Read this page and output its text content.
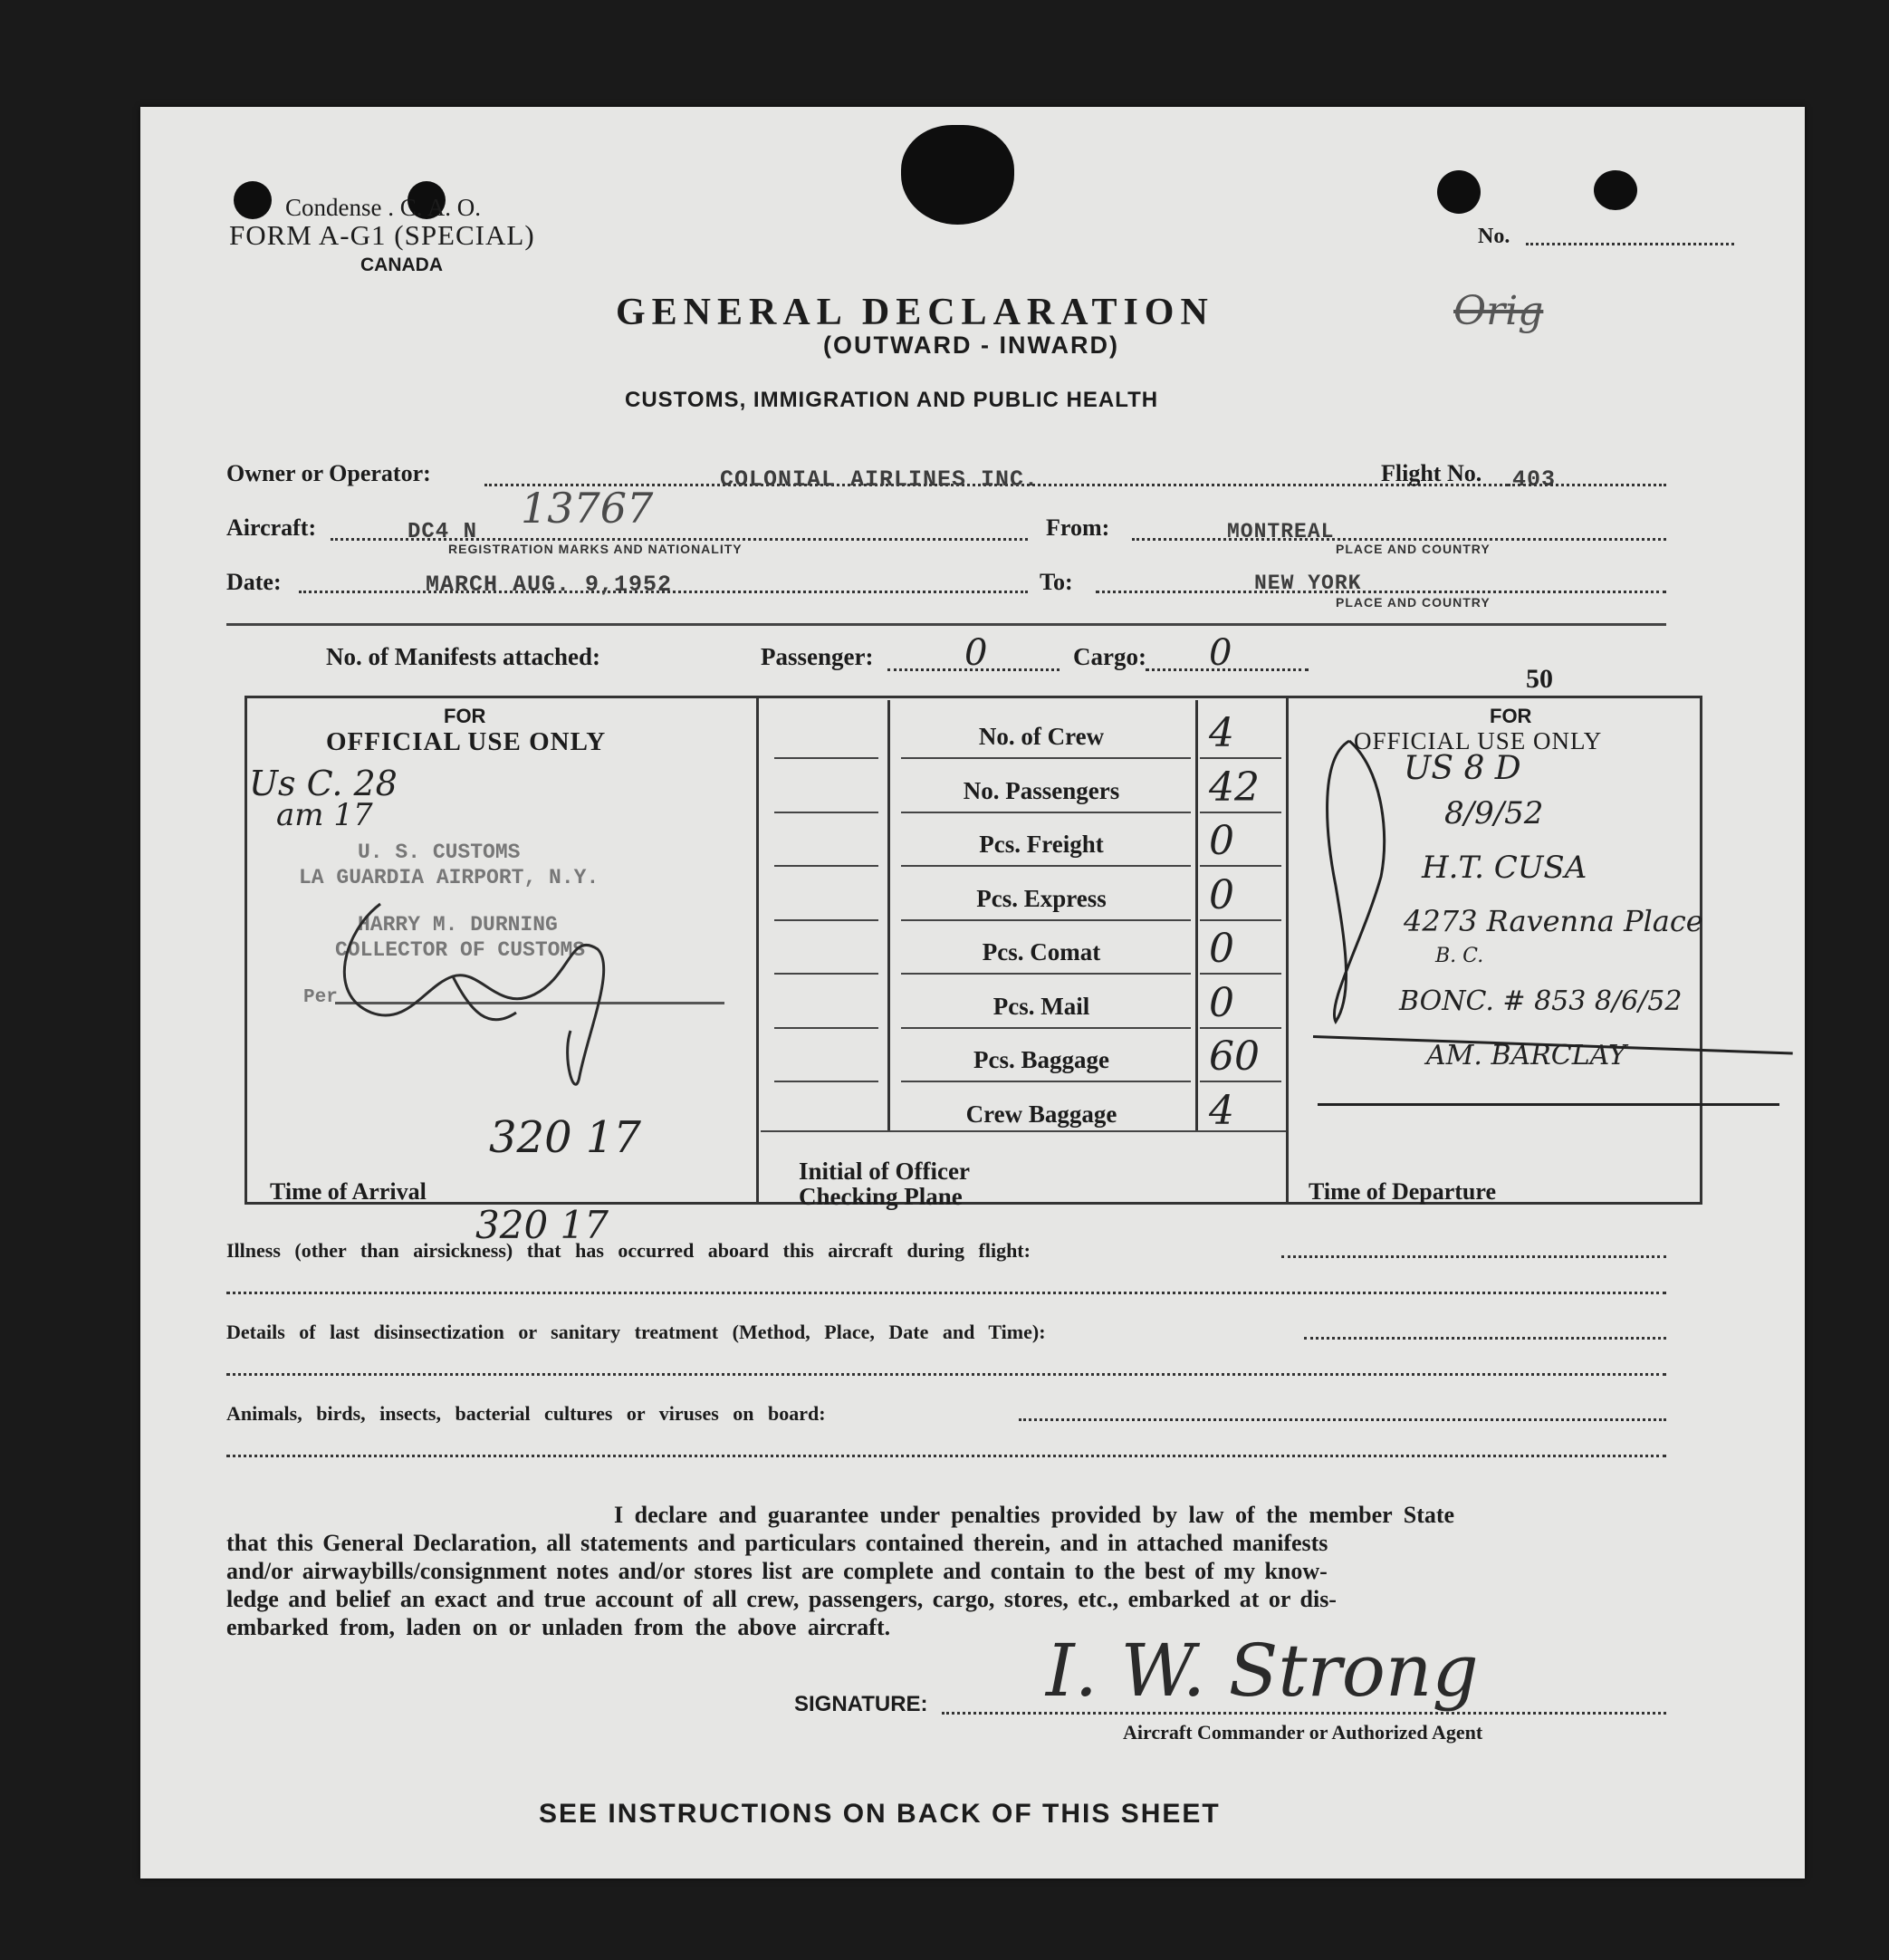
Condense . C. A. O.
FORM A-G1 (SPECIAL)
CANADA
No.
GENERAL DECLARATION
(OUTWARD - INWARD)
CUSTOMS, IMMIGRATION AND PUBLIC HEALTH
Orig
Owner or Operator:	COLONIAL AIRLINES INC.	Flight No. 403
Aircraft:	DC4 N 13767
REGISTRATION MARKS AND NATIONALITY
From:	MONTREAL
PLACE AND COUNTRY
Date:	MARCH AUG. 9,1952	To:	NEW YORK
PLACE AND COUNTRY
No. of Manifests attached:	Passenger:	0	Cargo: 0
50
FOR
OFFICIAL USE ONLY
Us C. 28
am 17
U. S. CUSTOMS
LA GUARDIA AIRPORT, N.Y.
HARRY M. DURNING
COLLECTOR OF CUSTOMS
Per
Time of Arrival
320 17
320 17
Initial of Officer
Checking Plane
FOR
OFFICIAL USE ONLY
Time of Departure
Illness (other than airsickness) that has occurred aboard this aircraft during flight:
Details of last disinsectization or sanitary treatment (Method, Place, Date and Time):
Animals, birds, insects, bacterial cultures or viruses on board:
I declare and guarantee under penalties provided by law of the member State
that this General Declaration, all statements and particulars contained therein, and in attached manifests
and/or airwaybills/consignment notes and/or stores list are complete and contain to the best of my know-
ledge and belief an exact and true account of all crew, passengers, cargo, stores, etc., embarked at or dis-
embarked from, laden on or unladen from the above aircraft.
SIGNATURE: I. W. Strong
Aircraft Commander or Authorized Agent
SEE INSTRUCTIONS ON BACK OF THIS SHEET
No. of Crew	4
No. Passengers	42
Pcs. Freight	0
Pcs. Express	0
Pcs. Comat	0
Pcs. Mail	0
Pcs. Baggage	60
Crew Baggage	4
US 8 D
8/9/52
H.T. CUSA
4273 Ravenna Place
B. C.
BONC. # 853 8/6/52
AM. BARCLAY
